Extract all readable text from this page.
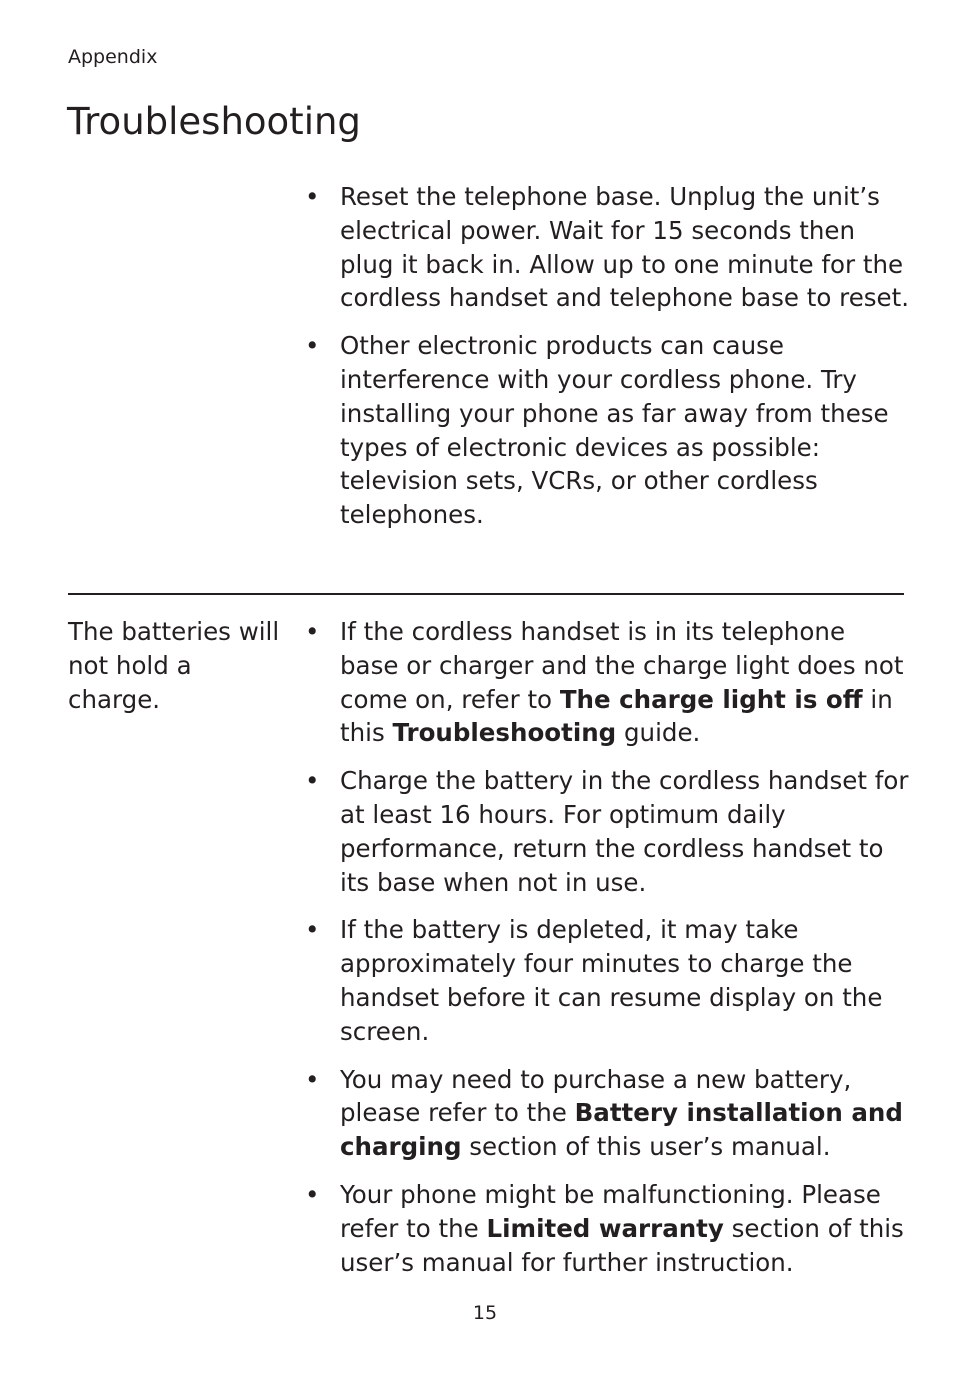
Appendix
Troubleshooting
• Reset the telephone base. Unplug the unit’s electrical power. Wait for 15 seconds then plug it back in. Allow up to one minute for the cordless handset and telephone base to reset.
• Other electronic products can cause interference with your cordless phone. Try installing your phone as far away from these types of electronic devices as possible: television sets, VCRs, or other cordless telephones.
The batteries will not hold a charge.
• If the cordless handset is in its telephone base or charger and the charge light does not come on, refer to The charge light is off in this Troubleshooting guide.
• Charge the battery in the cordless handset for at least 16 hours. For optimum daily performance, return the cordless handset to its base when not in use.
• If the battery is depleted, it may take approximately four minutes to charge the handset before it can resume display on the screen.
• You may need to purchase a new battery, please refer to the Battery installation and charging section of this user’s manual.
• Your phone might be malfunctioning. Please refer to the Limited warranty section of this user’s manual for further instruction.
15
